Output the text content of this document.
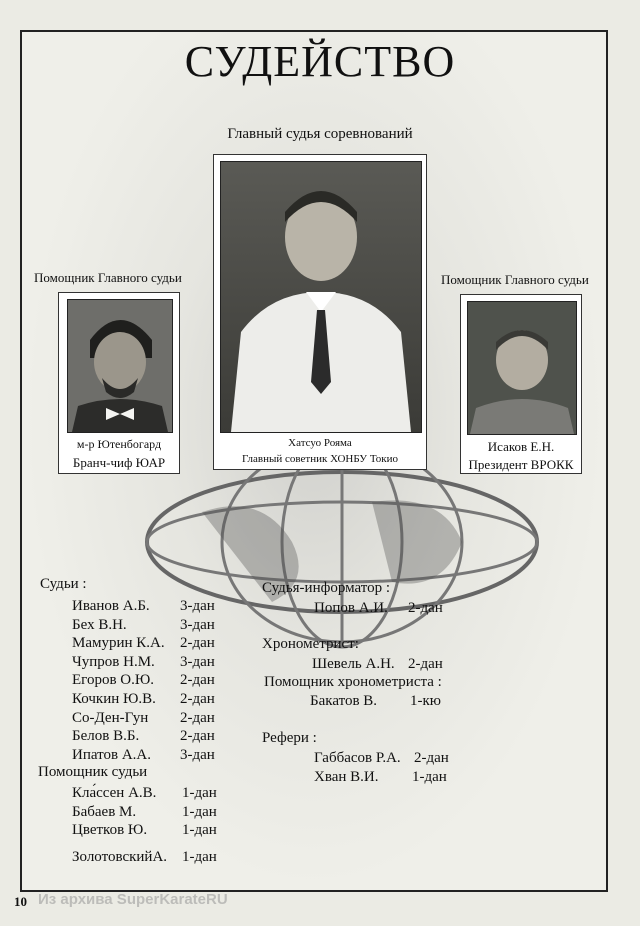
СУДЕЙСТВО
Главный судья соревнований
Хатсуо Рояма
Главный советник ХОНБУ Токио
Помощник Главного судьи
м-р Ютенбогард
Бранч-чиф ЮАР
Помощник Главного судьи
Исаков Е.Н.
Президент ВРОКК
Судьи :
Иванов А.Б.	3-дан
Бех В.Н.	3-дан
Мамурин К.А.	2-дан
Чупров Н.М.	3-дан
Егоров О.Ю.	2-дан
Кочкин Ю.В.	2-дан
Со-Ден-Гун	2-дан
Белов В.Б.	2-дан
Ипатов А.А.	3-дан
Помощник судьи
Кла́ссен А.В.	1-дан
Бабаев М.	1-дан
Цветков Ю.	1-дан
ЗолотовскийА. 1-дан
Судья-информатор :
Попов А.И.	2-дан
Хронометрист:
Шевель А.Н. 2-дан
Помощник хронометриста :
Бакатов В.	1-кю
Рефери :
Габбасов Р.А. 2-дан
Хван В.И.	1-дан
10 Из архива SuperKarateRU
